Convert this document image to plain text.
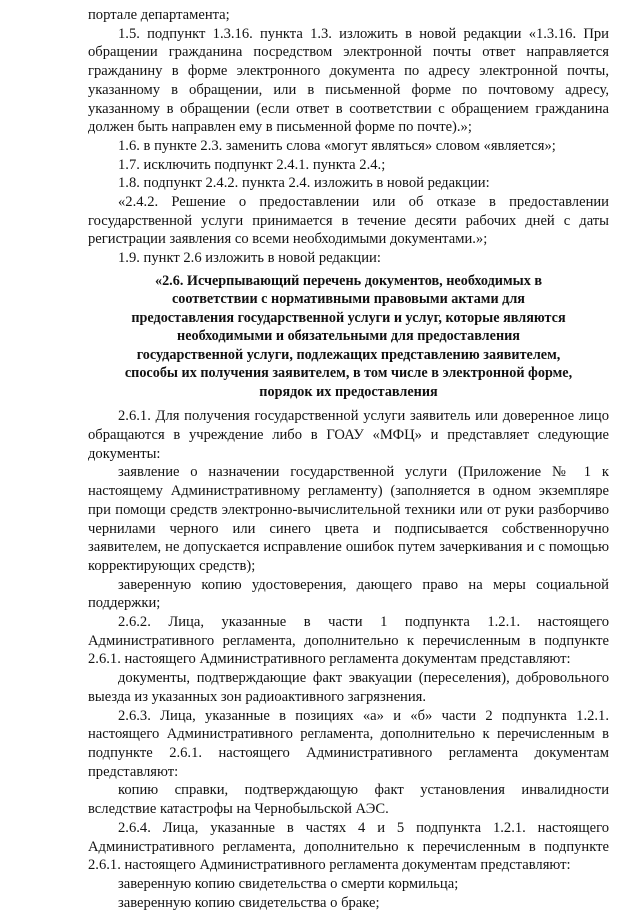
порталe департамента;

1.5. подпункт 1.3.16. пункта 1.3. изложить в новой редакции «1.3.16. При обращении гражданина посредством электронной почты ответ направляется гражданину в форме электронного документа по адресу электронной почты, указанному в обращении, или в письменной форме по почтовому адресу, указанному в обращении (если ответ в соответствии с обращением гражданина должен быть направлен ему в письменной форме по почте).»;

1.6. в пункте 2.3. заменить слова «могут являться» словом «является»;

1.7. исключить подпункт 2.4.1. пункта 2.4.;

1.8. подпункт 2.4.2. пункта 2.4. изложить в новой редакции:

«2.4.2. Решение о предоставлении или об отказе в предоставлении государственной услуги принимается в течение десяти рабочих дней с даты регистрации заявления со всеми необходимыми документами.»;

1.9. пункт 2.6 изложить в новой редакции:

«2.6. Исчерпывающий перечень документов, необходимых в
соответствии с нормативными правовыми актами для
предоставления государственной услуги и услуг, которые являются
необходимыми и обязательными для предоставления
государственной услуги, подлежащих представлению заявителем,
способы их получения заявителем, в том числе в электронной форме,
порядок их предоставления

2.6.1. Для получения государственной услуги заявитель или доверенное лицо обращаются в учреждение либо в ГОАУ «МФЦ» и представляет следующие документы:

заявление о назначении государственной услуги (Приложение № 1 к настоящему Административному регламенту) (заполняется в одном экземпляре при помощи средств электронно-вычислительной техники или от руки разборчиво чернилами черного или синего цвета и подписывается собственноручно заявителем, не допускается исправление ошибок путем зачеркивания и с помощью корректирующих средств);

заверенную копию удостоверения, дающего право на меры социальной поддержки;

2.6.2. Лица, указанные в части 1 подпункта 1.2.1. настоящего Административного регламента, дополнительно к перечисленным в подпункте 2.6.1. настоящего Административного регламента документам представляют:

документы, подтверждающие факт эвакуации (переселения), добровольного выезда из указанных зон радиоактивного загрязнения.

2.6.3. Лица, указанные в позициях «а» и «б» части 2 подпункта 1.2.1. настоящего Административного регламента, дополнительно к перечисленным в подпункте 2.6.1. настоящего Административного регламента документам представляют:

копию справки, подтверждающую факт установления инвалидности вследствие катастрофы на Чернобыльской АЭС.

2.6.4. Лица, указанные в частях 4 и 5 подпункта 1.2.1. настоящего Административного регламента, дополнительно к перечисленным в подпункте 2.6.1. настоящего Административного регламента документам представляют:

заверенную копию свидетельства о смерти кормильца;

заверенную копию свидетельства о браке;
